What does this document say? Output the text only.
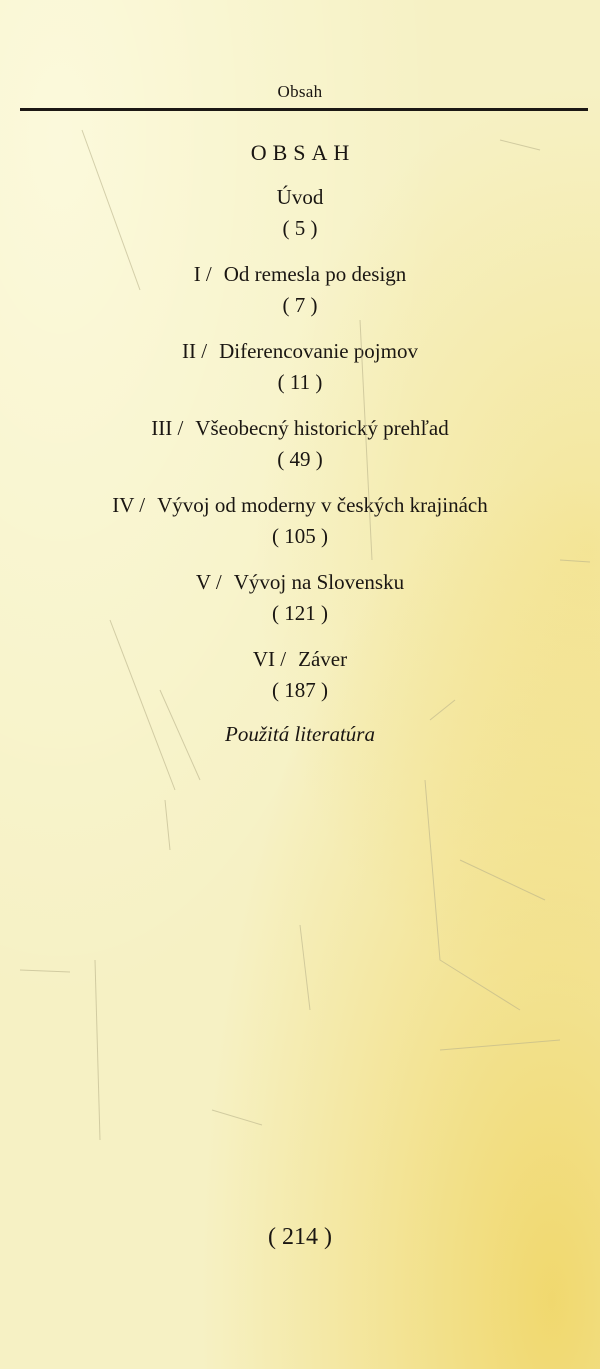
Obsah
OBSAH
Úvod
( 5 )
I / Od remesla po design
( 7 )
II / Diferencovanie pojmov
( 11 )
III / Všeobecný historický prehľad
( 49 )
IV / Vývoj od moderny v českých krajinách
( 105 )
V / Vývoj na Slovensku
( 121 )
VI / Záver
( 187 )
Použitá literatúra
( 214 )
